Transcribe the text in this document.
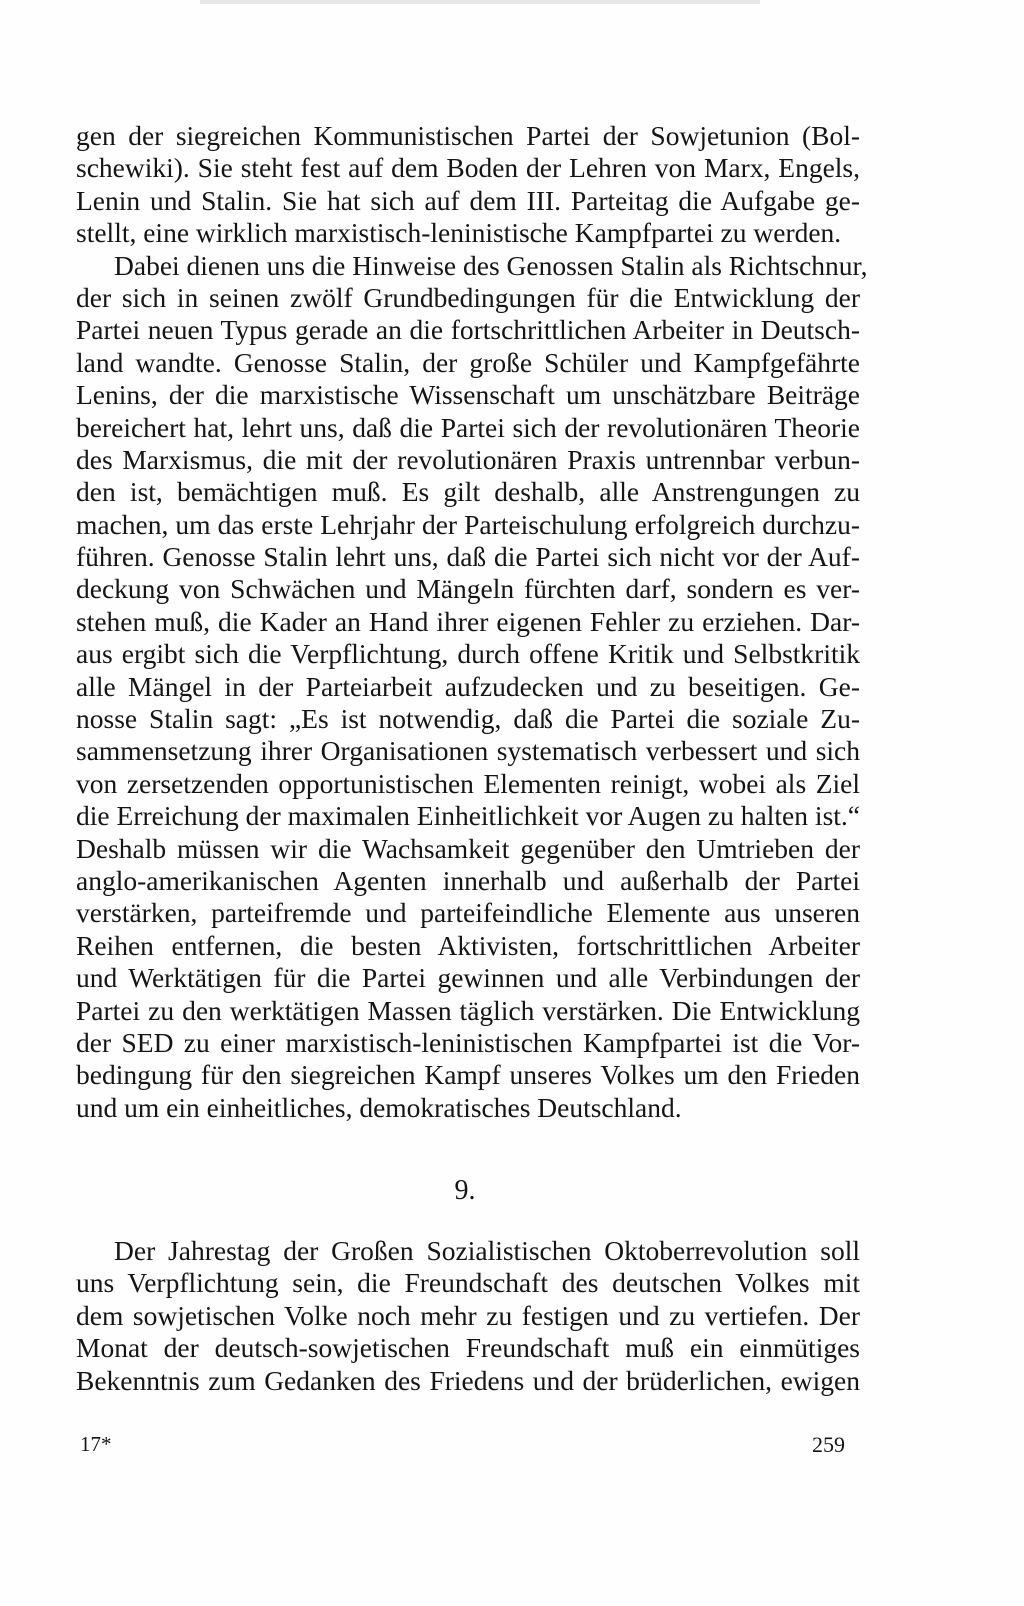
gen der siegreichen Kommunistischen Partei der Sowjetunion (Bol-
schewiki). Sie steht fest auf dem Boden der Lehren von Marx, Engels,
Lenin und Stalin. Sie hat sich auf dem III. Parteitag die Aufgabe ge-
stellt, eine wirklich marxistisch-leninistische Kampfpartei zu werden.
Dabei dienen uns die Hinweise des Genossen Stalin als Richtschnur,
der sich in seinen zwölf Grundbedingungen für die Entwicklung der
Partei neuen Typus gerade an die fortschrittlichen Arbeiter in Deutsch-
land wandte. Genosse Stalin, der große Schüler und Kampfgefährte
Lenins, der die marxistische Wissenschaft um unschätzbare Beiträge
bereichert hat, lehrt uns, daß die Partei sich der revolutionären Theorie
des Marxismus, die mit der revolutionären Praxis untrennbar verbun-
den ist, bemächtigen muß. Es gilt deshalb, alle Anstrengungen zu
machen, um das erste Lehrjahr der Parteischulung erfolgreich durchzu-
führen. Genosse Stalin lehrt uns, daß die Partei sich nicht vor der Auf-
deckung von Schwächen und Mängeln fürchten darf, sondern es ver-
stehen muß, die Kader an Hand ihrer eigenen Fehler zu erziehen. Dar-
aus ergibt sich die Verpflichtung, durch offene Kritik und Selbstkritik
alle Mängel in der Parteiarbeit aufzudecken und zu beseitigen. Ge-
nosse Stalin sagt: „Es ist notwendig, daß die Partei die soziale Zu-
sammensetzung ihrer Organisationen systematisch verbessert und sich
von zersetzenden opportunistischen Elementen reinigt, wobei als Ziel
die Erreichung der maximalen Einheitlichkeit vor Augen zu halten ist.“
Deshalb müssen wir die Wachsamkeit gegenüber den Umtrieben der
anglo-amerikanischen Agenten innerhalb und außerhalb der Partei
verstärken, parteifremde und parteifeindliche Elemente aus unseren
Reihen entfernen, die besten Aktivisten, fortschrittlichen Arbeiter
und Werktätigen für die Partei gewinnen und alle Verbindungen der
Partei zu den werktätigen Massen täglich verstärken. Die Entwicklung
der SED zu einer marxistisch-leninistischen Kampfpartei ist die Vor-
bedingung für den siegreichen Kampf unseres Volkes um den Frieden
und um ein einheitliches, demokratisches Deutschland.
9.
Der Jahrestag der Großen Sozialistischen Oktoberrevolution soll
uns Verpflichtung sein, die Freundschaft des deutschen Volkes mit
dem sowjetischen Volke noch mehr zu festigen und zu vertiefen. Der
Monat der deutsch-sowjetischen Freundschaft muß ein einmütiges
Bekenntnis zum Gedanken des Friedens und der brüderlichen, ewigen
17*	259
